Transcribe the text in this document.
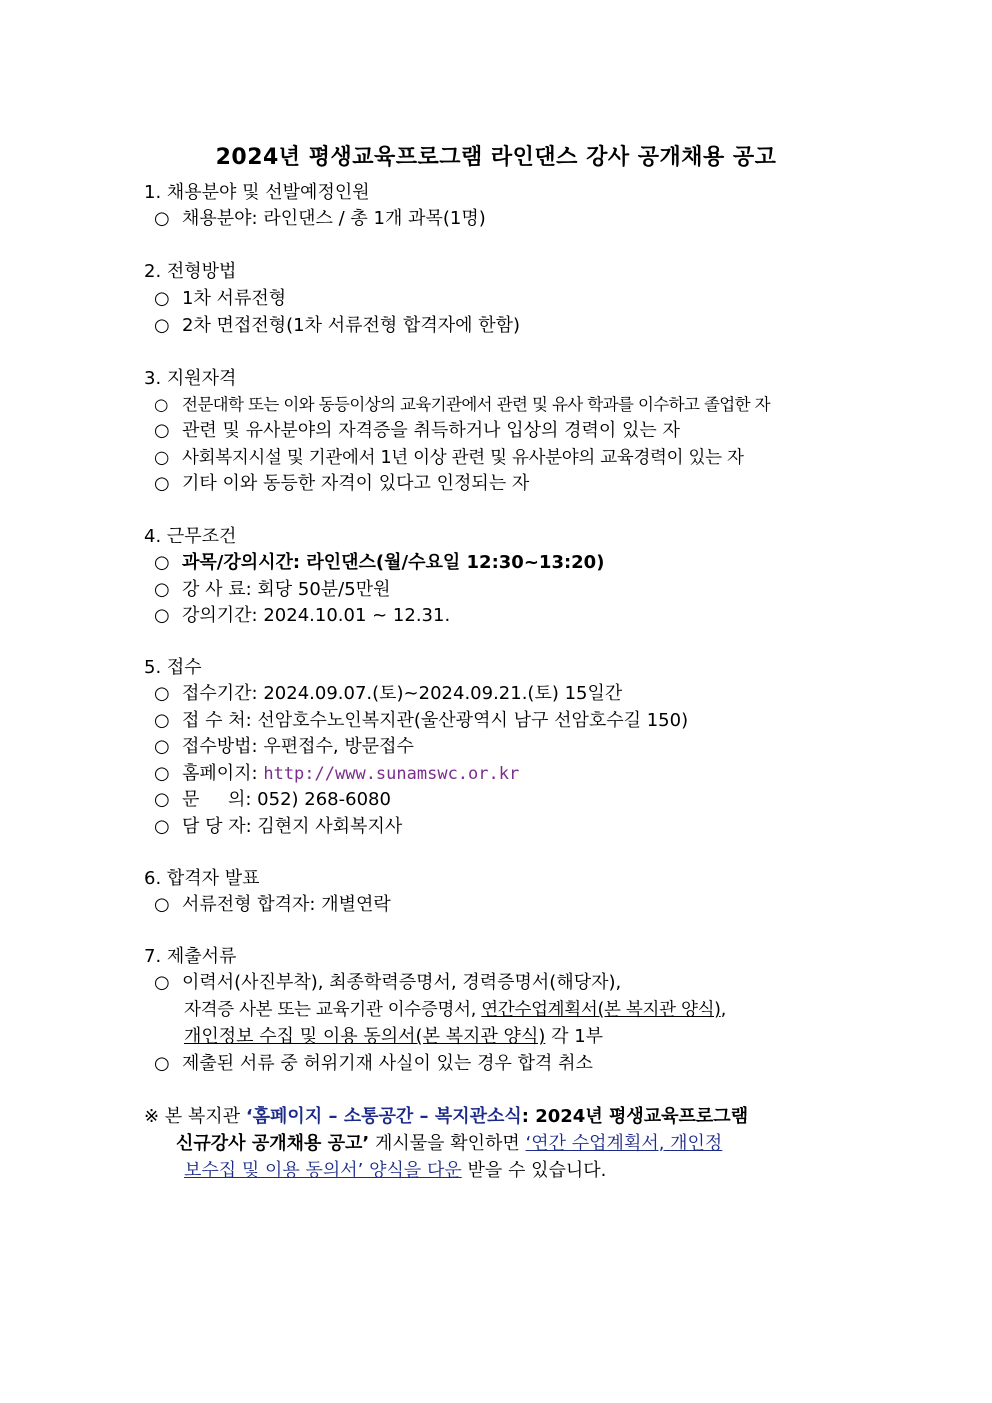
2024년 평생교육프로그램 라인댄스 강사 공개채용 공고
1. 채용분야 및 선발예정인원
○ 채용분야: 라인댄스 / 총 1개 과목(1명)
2. 전형방법
○ 1차 서류전형
○ 2차 면접전형(1차 서류전형 합격자에 한함)
3. 지원자격
○ 전문대학 또는 이와 동등이상의 교육기관에서 관련 및 유사 학과를 이수하고 졸업한 자
○ 관련 및 유사분야의 자격증을 취득하거나 입상의 경력이 있는 자
○ 사회복지시설 및 기관에서 1년 이상 관련 및 유사분야의 교육경력이 있는 자
○ 기타 이와 동등한 자격이 있다고 인정되는 자
4. 근무조건
○ 과목/강의시간: 라인댄스(월/수요일 12:30~13:20)
○ 강 사 료: 회당 50분/5만원
○ 강의기간: 2024.10.01 ~ 12.31.
5. 접수
○ 접수기간: 2024.09.07.(토)~2024.09.21.(토) 15일간
○ 접 수 처: 선암호수노인복지관(울산광역시 남구 선암호수길 150)
○ 접수방법: 우편접수, 방문접수
○ 홈페이지: http://www.sunamswc.or.kr
○ 문     의: 052) 268-6080
○ 담 당 자: 김현지 사회복지사
6. 합격자 발표
○ 서류전형 합격자: 개별연락
7. 제출서류
○ 이력서(사진부착), 최종학력증명서, 경력증명서(해당자),
자격증 사본 또는 교육기관 이수증명서, 연간수업계획서(본 복지관 양식),
개인정보 수집 및 이용 동의서(본 복지관 양식) 각 1부
○ 제출된 서류 중 허위기재 사실이 있는 경우 합격 취소
※ 본 복지관 ‘홈페이지 – 소통공간 – 복지관소식: 2024년 평생교육프로그램
신규강사 공개채용 공고’ 게시물을 확인하면 ‘연간 수업계획서, 개인정
보수집 및 이용 동의서’ 양식을 다운 받을 수 있습니다.
